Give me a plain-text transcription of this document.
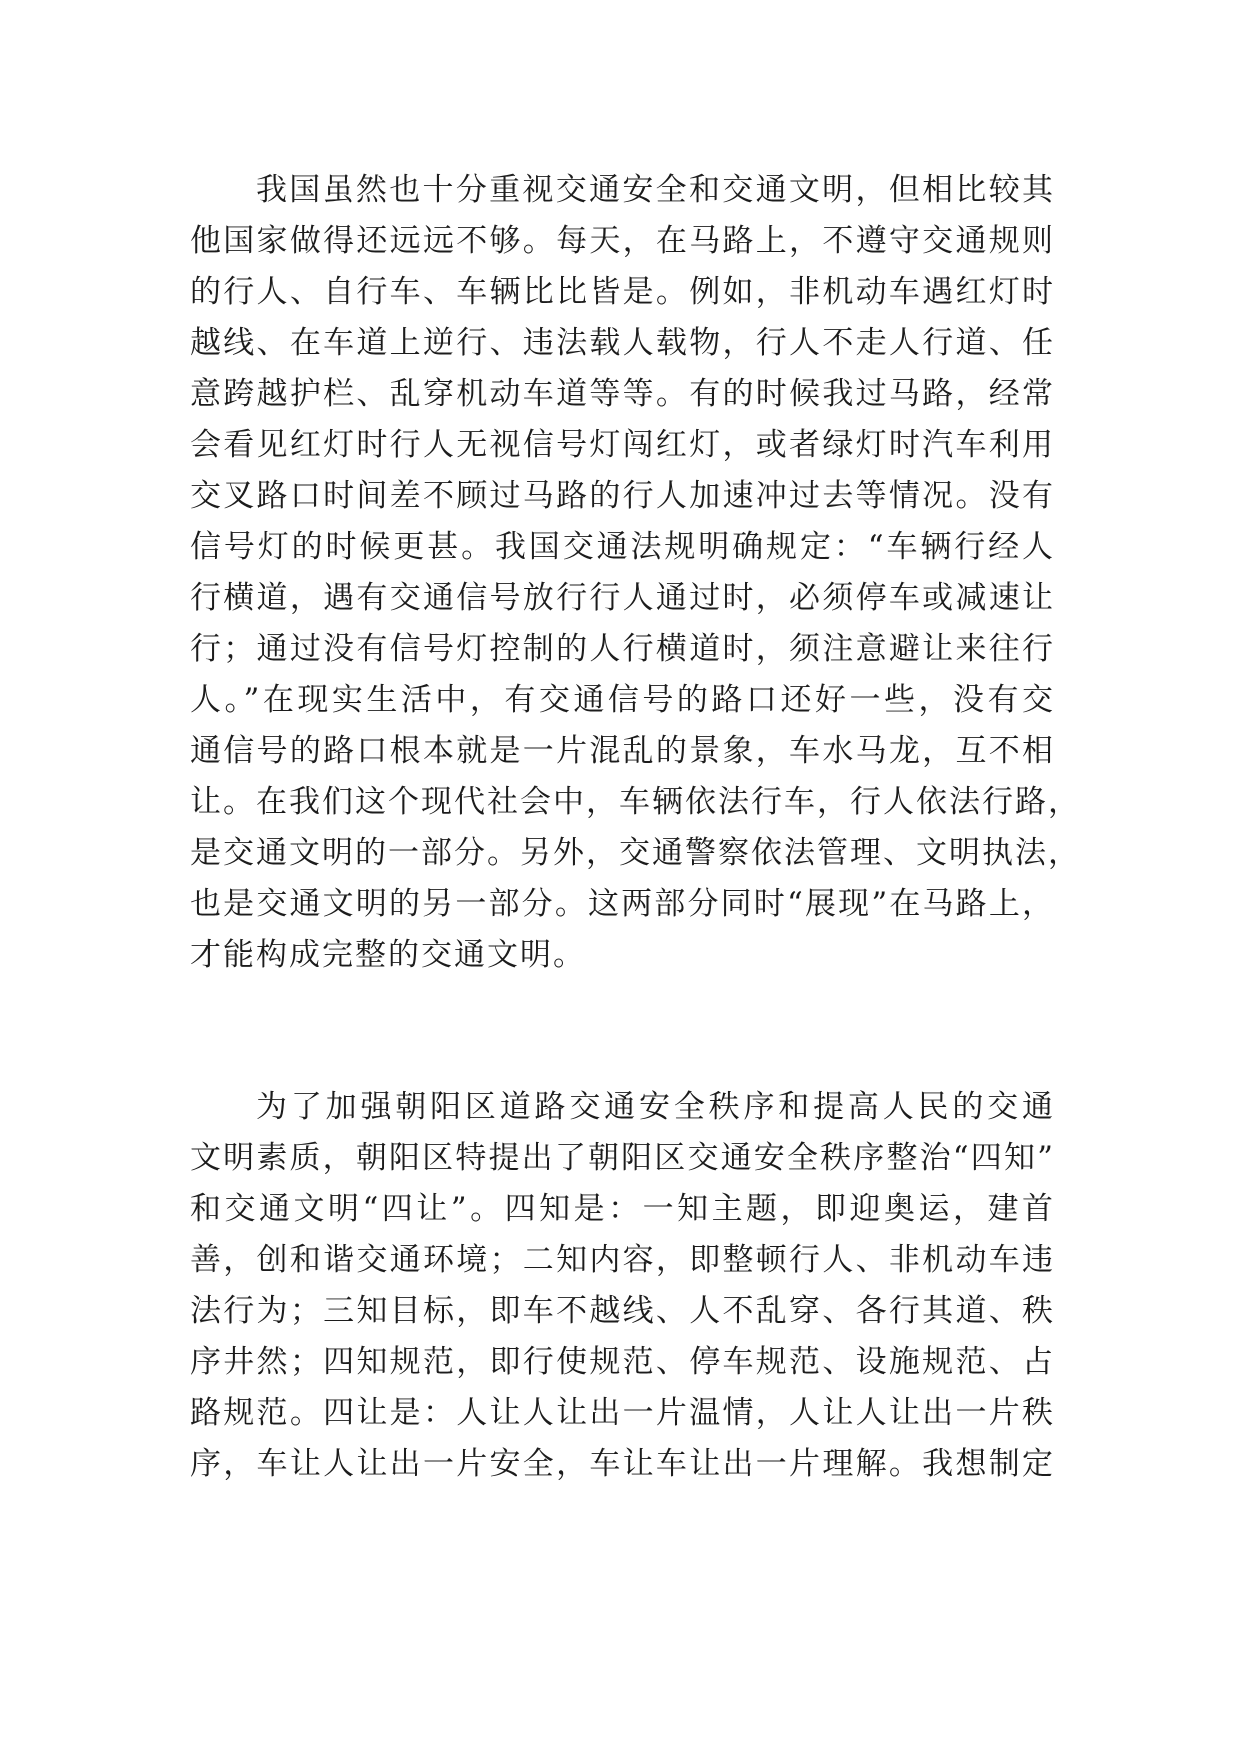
我国虽然也十分重视交通安全和交通文明，但相比较其
他国家做得还远远不够。每天，在马路上，不遵守交通规则
的行人、自行车、车辆比比皆是。例如，非机动车遇红灯时
越线、在车道上逆行、违法载人载物，行人不走人行道、任
意跨越护栏、乱穿机动车道等等。有的时候我过马路，经常
会看见红灯时行人无视信号灯闯红灯，或者绿灯时汽车利用
交叉路口时间差不顾过马路的行人加速冲过去等情况。没有
信号灯的时候更甚。我国交通法规明确规定：“车辆行经人
行横道，遇有交通信号放行行人通过时，必须停车或减速让
行；通过没有信号灯控制的人行横道时，须注意避让来往行
人。”在现实生活中，有交通信号的路口还好一些，没有交
通信号的路口根本就是一片混乱的景象，车水马龙，互不相
让。在我们这个现代社会中，车辆依法行车，行人依法行路，
是交通文明的一部分。另外，交通警察依法管理、文明执法，
也是交通文明的另一部分。这两部分同时“展现”在马路上，
才能构成完整的交通文明。
为了加强朝阳区道路交通安全秩序和提高人民的交通
文明素质，朝阳区特提出了朝阳区交通安全秩序整治“四知”
和交通文明“四让”。四知是：一知主题，即迎奥运，建首
善，创和谐交通环境；二知内容，即整顿行人、非机动车违
法行为；三知目标，即车不越线、人不乱穿、各行其道、秩
序井然；四知规范，即行使规范、停车规范、设施规范、占
路规范。四让是：人让人让出一片温情，人让人让出一片秩
序，车让人让出一片安全，车让车让出一片理解。我想制定
